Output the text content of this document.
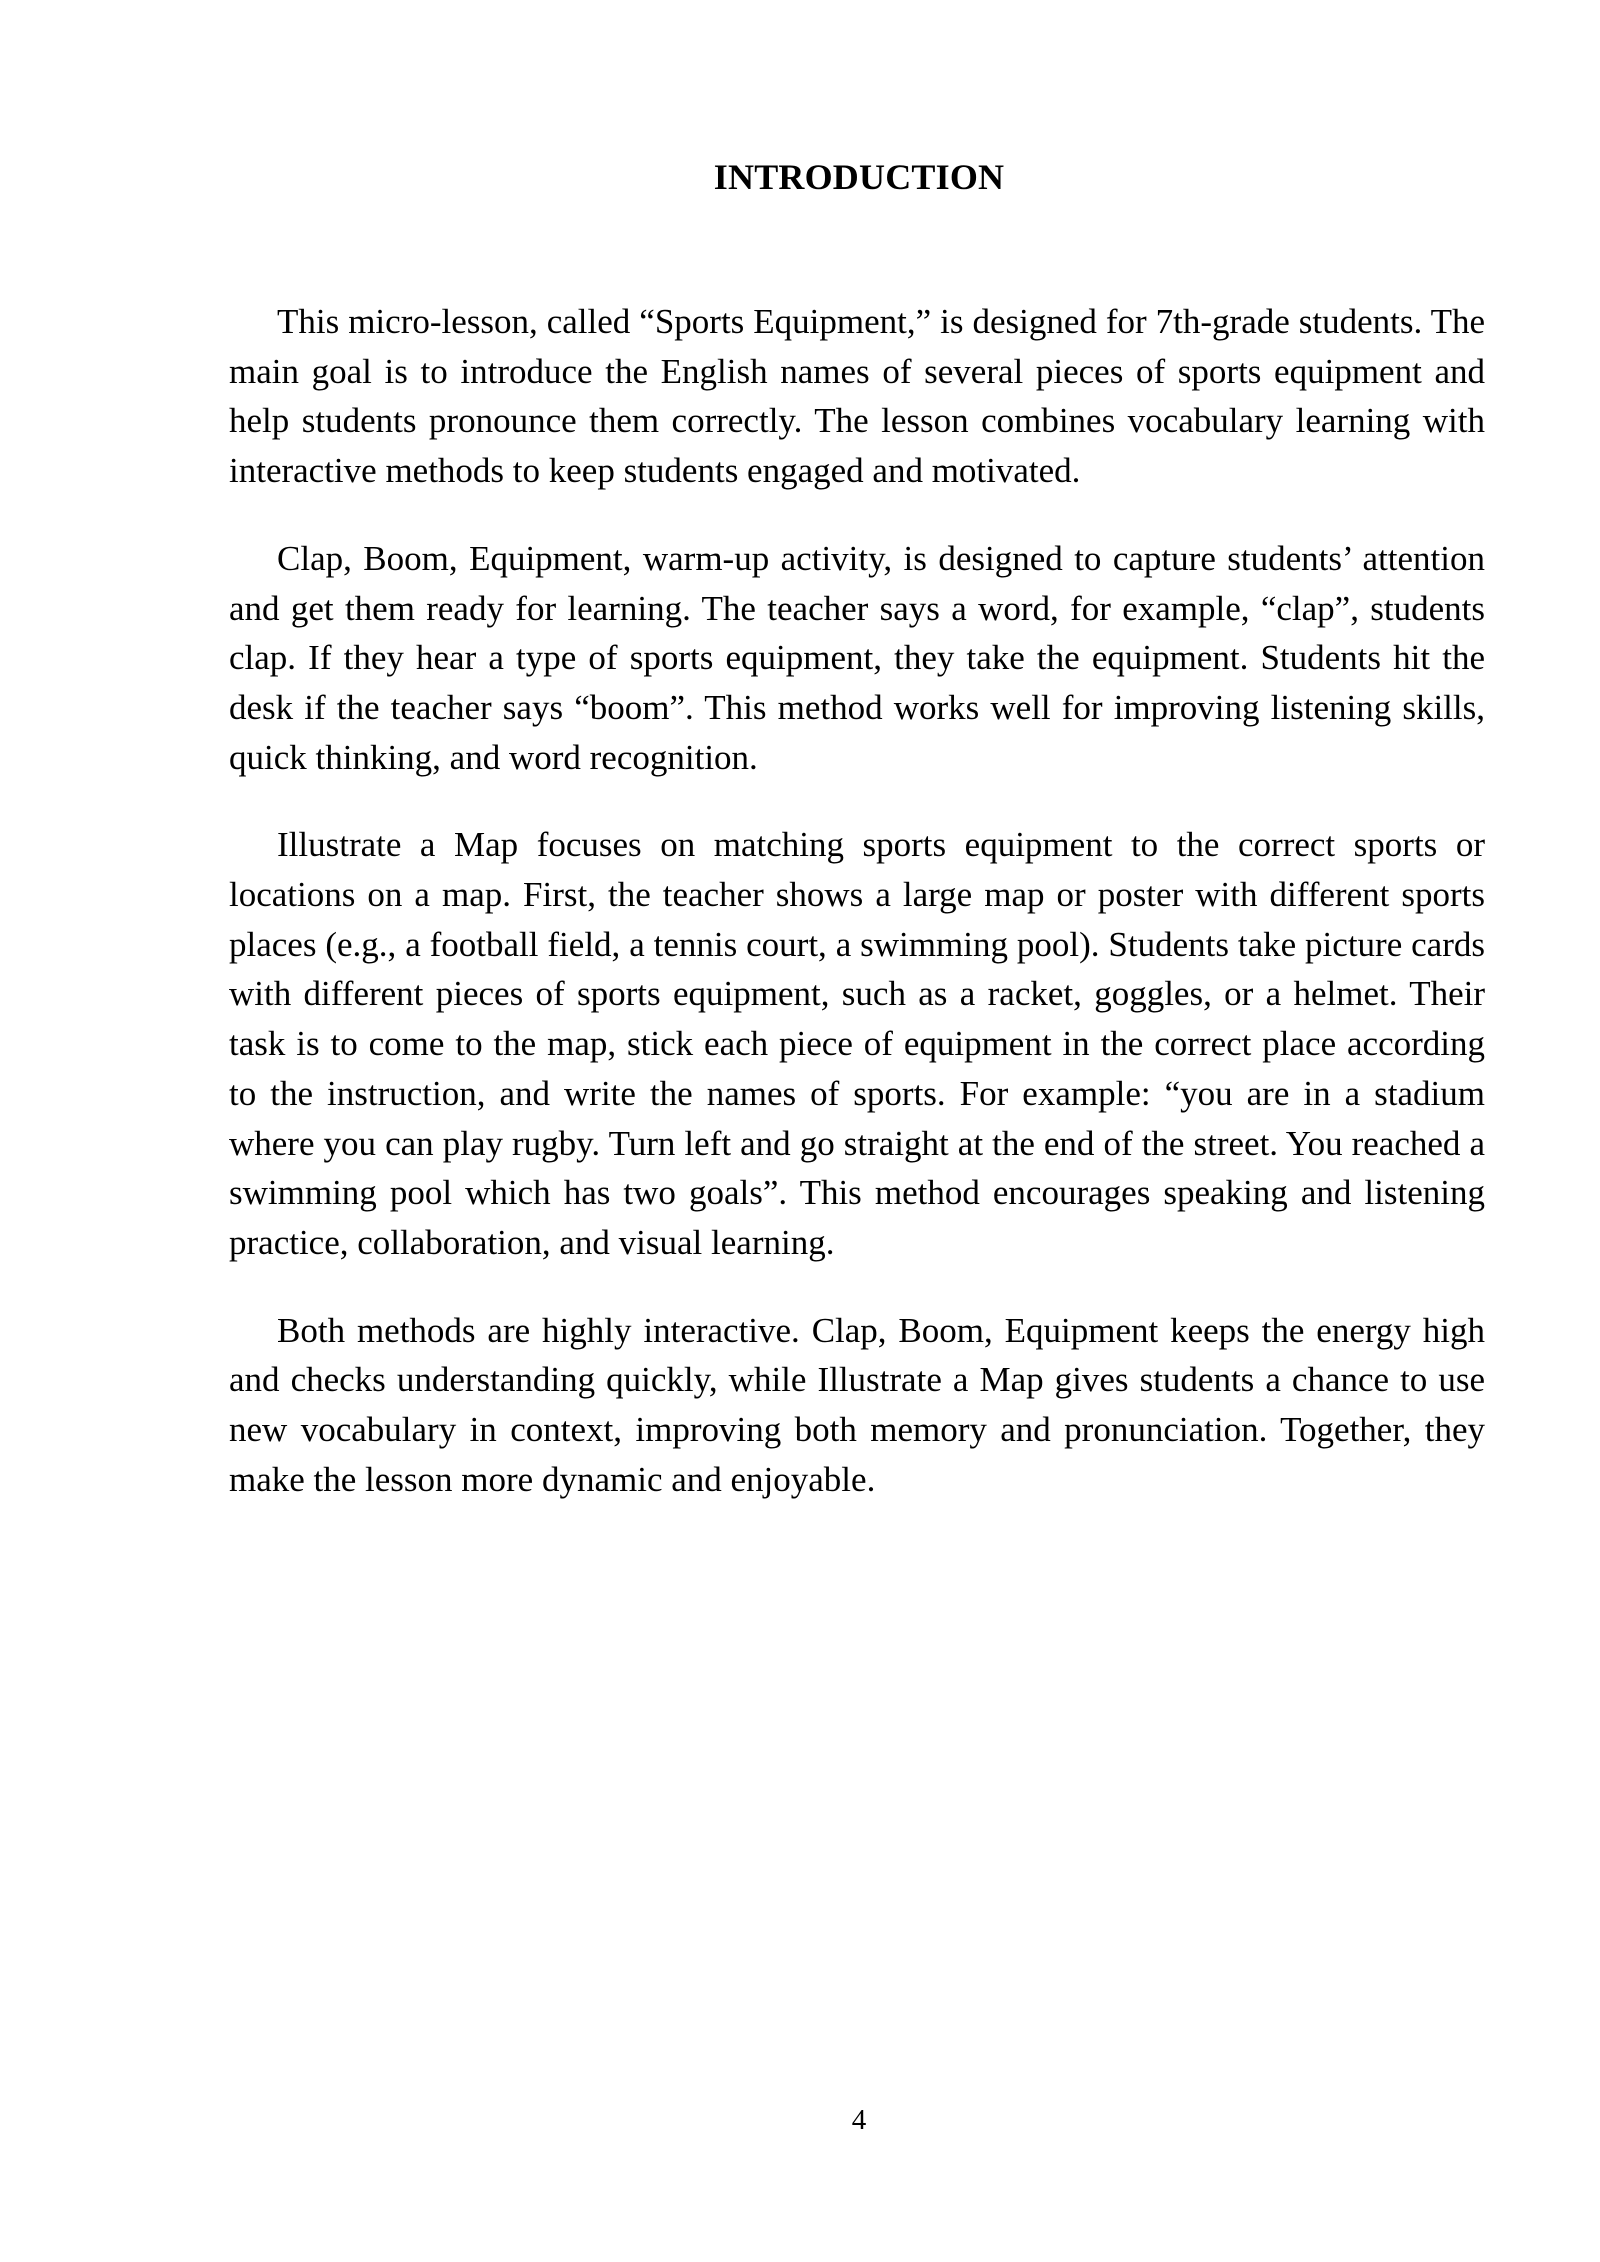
INTRODUCTION

This micro-lesson, called “Sports Equipment,” is designed for 7th-grade students. The main goal is to introduce the English names of several pieces of sports equipment and help students pronounce them correctly. The lesson combines vocabulary learning with interactive methods to keep students engaged and motivated.

Clap, Boom, Equipment, warm-up activity, is designed to capture students’ attention and get them ready for learning. The teacher says a word, for example, “clap”, students clap. If they hear a type of sports equipment, they take the equipment. Students hit the desk if the teacher says “boom”. This method works well for improving listening skills, quick thinking, and word recognition.

Illustrate a Map focuses on matching sports equipment to the correct sports or locations on a map. First, the teacher shows a large map or poster with different sports places (e.g., a football field, a tennis court, a swimming pool). Students take picture cards with different pieces of sports equipment, such as a racket, goggles, or a helmet. Their task is to come to the map, stick each piece of equipment in the correct place according to the instruction, and write the names of sports. For example: “you are in a stadium where you can play rugby. Turn left and go straight at the end of the street. You reached a swimming pool which has two goals”. This method encourages speaking and listening practice, collaboration, and visual learning.

Both methods are highly interactive. Clap, Boom, Equipment keeps the energy high and checks understanding quickly, while Illustrate a Map gives students a chance to use new vocabulary in context, improving both memory and pronunciation. Together, they make the lesson more dynamic and enjoyable.

4
